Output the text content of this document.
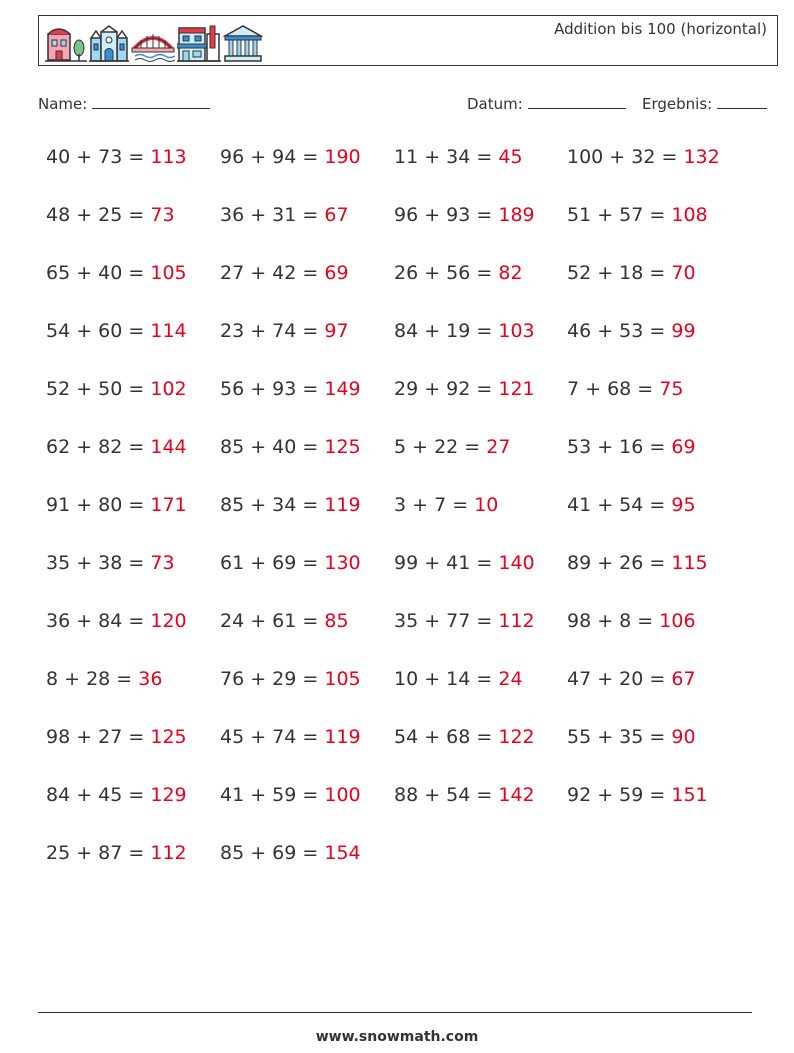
Addition bis 100 (horizontal)
Name:	Datum:	Ergebnis:
40 + 73 = 113 96 + 94 = 190 11 + 34 = 45 100 + 32 = 132
48 + 25 = 73 36 + 31 = 67 96 + 93 = 189 51 + 57 = 108
65 + 40 = 105 27 + 42 = 69 26 + 56 = 82 52 + 18 = 70
54 + 60 = 114 23 + 74 = 97 84 + 19 = 103 46 + 53 = 99
52 + 50 = 102 56 + 93 = 149 29 + 92 = 121 7 + 68 = 75
62 + 82 = 144 85 + 40 = 125 5 + 22 = 27	53 + 16 = 69
91 + 80 = 171 85 + 34 = 119 3 + 7 = 10	41 + 54 = 95
35 + 38 = 73 61 + 69 = 130 99 + 41 = 140 89 + 26 = 115
36 + 84 = 120 24 + 61 = 85 35 + 77 = 112 98 + 8 = 106
8 + 28 = 36	76 + 29 = 105 10 + 14 = 24 47 + 20 = 67
98 + 27 = 125 45 + 74 = 119 54 + 68 = 122 55 + 35 = 90
84 + 45 = 129 41 + 59 = 100 88 + 54 = 142 92 + 59 = 151
25 + 87 = 112 85 + 69 = 154
www.snowmath.com
